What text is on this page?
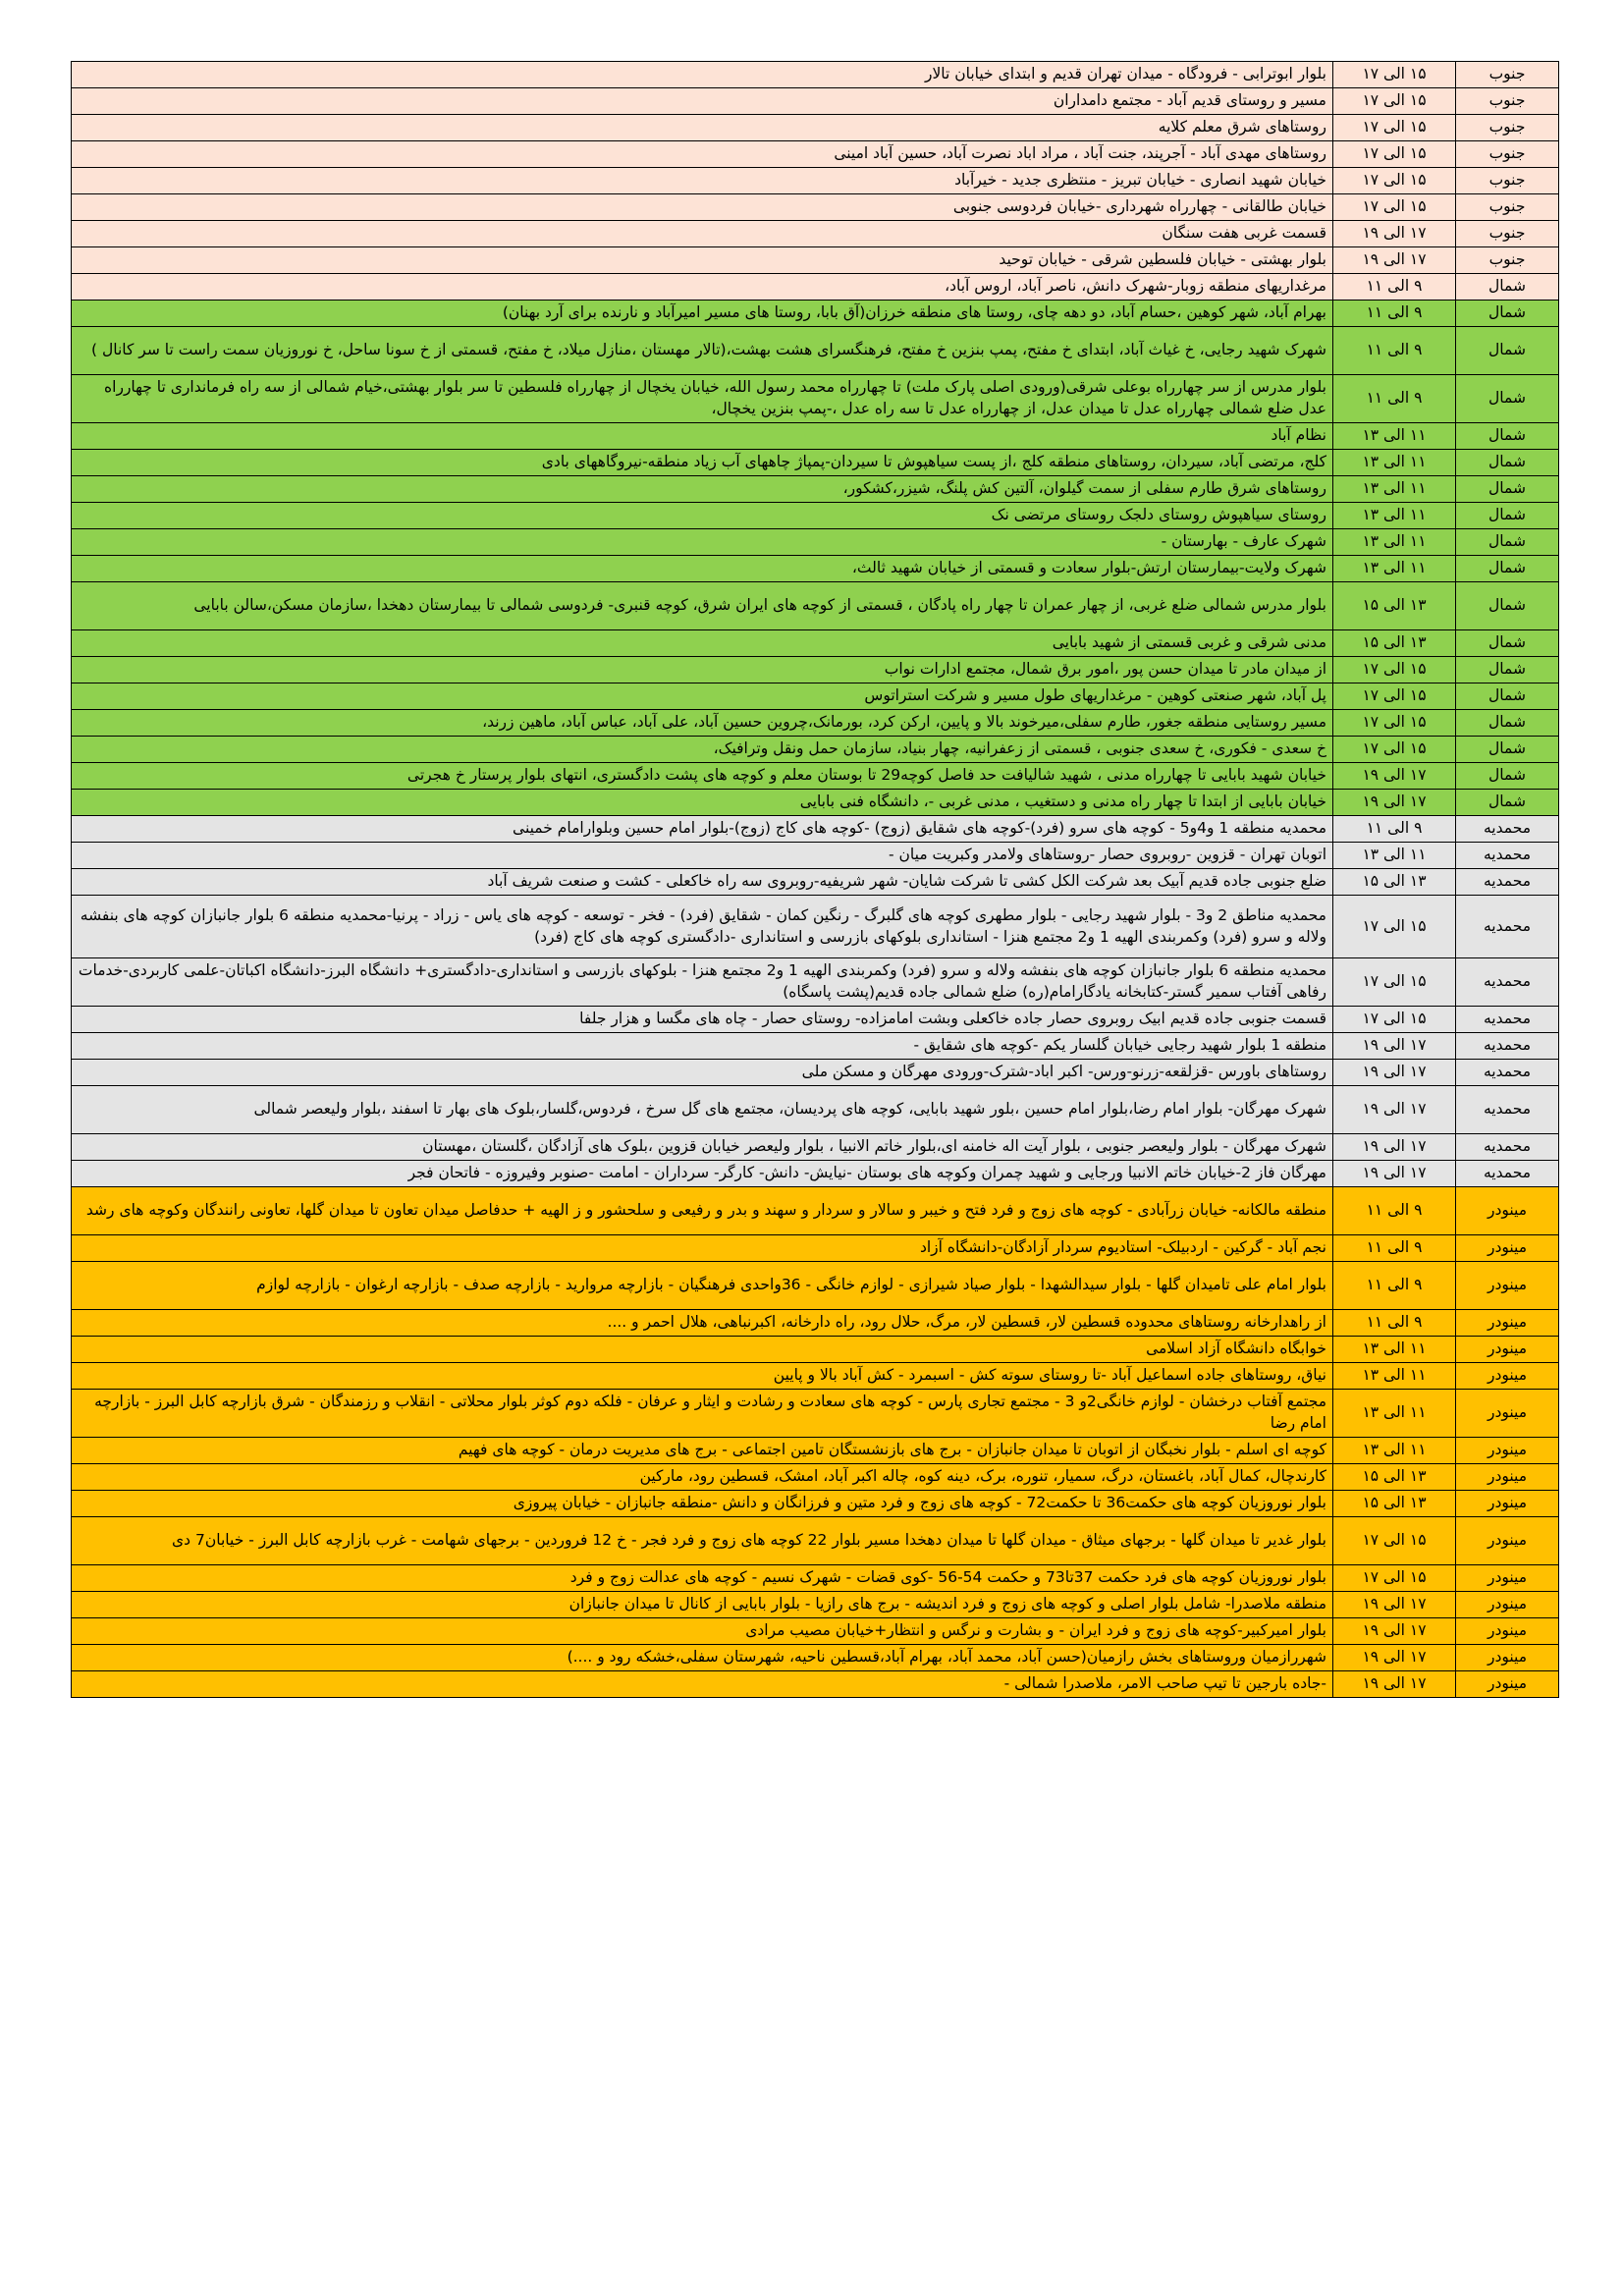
جنوب	۱۵ الی ۱۷	بلوار ابوترابی - فرودگاه - میدان تهران قدیم و ابتدای خیابان تالار
جنوب	۱۵ الی ۱۷	مسیر و روستای قدیم آباد - مجتمع دامداران
جنوب	۱۵ الی ۱۷	روستاهای شرق معلم کلایه
جنوب	۱۵ الی ۱۷	روستاهای مهدی آباد - آجرپند، جنت آباد ، مراد اباد نصرت آباد، حسین آباد امینی
جنوب	۱۵ الی ۱۷	خیابان شهید انصاری - خیابان تبریز - منتظری جدید - خیرآباد
جنوب	۱۵ الی ۱۷	خیابان طالقانی - چهارراه شهرداری -خیابان فردوسی جنوبی
جنوب	۱۷ الی ۱۹	قسمت غربی هفت سنگان
جنوب	۱۷ الی ۱۹	بلوار بهشتی - خیابان فلسطین شرقی - خیابان توحید
شمال	۹ الی ۱۱	مرغداریهای منطقه زوبار-شهرک دانش، ناصر آباد، اروس آباد،
شمال	۹ الی ۱۱	بهرام آباد، شهر کوهین ،حسام آباد، دو دهه چای، روستا های منطقه خرزان(آق بابا، روستا های مسیر امیرآباد و نارنده برای آرد بهنان)
شمال	۹ الی ۱۱	شهرک شهید رجایی، خ غیاث آباد، ابتدای خ مفتح، پمپ بنزین خ مفتح، فرهنگسرای هشت بهشت،(تالار مهستان ،منازل میلاد، خ مفتح، قسمتی از خ سونا ساحل، خ نوروزیان سمت راست تا سر کانال )
شمال	۹ الی ۱۱	بلوار مدرس از سر چهارراه بوعلی شرقی(ورودی اصلی پارک ملت) تا چهارراه محمد رسول الله، خیابان یخچال از چهارراه فلسطین تا سر بلوار بهشتی،خیام شمالی از سه راه فرمانداری تا چهارراه عدل ضلع شمالی چهارراه عدل تا میدان عدل، از چهارراه عدل تا سه راه عدل ،-پمپ بنزین یخچال،
شمال	۱۱ الی ۱۳	نظام آباد
شمال	۱۱ الی ۱۳	کلج، مرتضی آباد، سیردان، روستاهای منطقه کلج ،از پست سیاهپوش تا سیردان-پمپاژ چاههای آب زیاد منطقه-نیروگاههای بادی
شمال	۱۱ الی ۱۳	روستاهای شرق طارم سفلی از سمت گیلوان، آلتین کش پلنگ، شیزر،کشکور،
شمال	۱۱ الی ۱۳	روستای سیاهپوش روستای دلجک روستای مرتضی نک
شمال	۱۱ الی ۱۳	شهرک عارف - بهارستان -
شمال	۱۱ الی ۱۳	شهرک ولایت-بیمارستان ارتش-بلوار سعادت و قسمتی از خیابان شهید ثالث،
شمال	۱۳ الی ۱۵	بلوار مدرس شمالی ضلع غربی، از چهار عمران تا چهار راه پادگان ، قسمتی از کوچه های ایران شرق، کوچه قنبری- فردوسی شمالی تا بیمارستان دهخدا ،سازمان مسکن،سالن بابایی
شمال	۱۳ الی ۱۵	مدنی شرقی و غربی قسمتی از شهید بابایی
شمال	۱۵ الی ۱۷	از میدان مادر تا میدان حسن پور ،امور برق شمال، مجتمع ادارات نواب
شمال	۱۵ الی ۱۷	پل آباد، شهر صنعتی کوهین - مرغداریهای طول مسیر و شرکت استراتوس
شمال	۱۵ الی ۱۷	مسیر روستایی منطقه جغور، طارم سفلی،میرخوند بالا و پایین، ارکن کرد، بورمانک،چروین حسین آباد، علی آباد، عباس آباد، ماهین زرند،
شمال	۱۵ الی ۱۷	خ سعدی - فکوری، خ سعدی جنوبی ، قسمتی از زعفرانیه، چهار بنیاد، سازمان حمل ونقل وترافیک،
شمال	۱۷ الی ۱۹	خیابان شهید بابایی تا چهارراه مدنی ، شهید شالیافت حد فاصل کوچه29 تا بوستان معلم و کوچه های پشت دادگستری، انتهای بلوار پرستار خ هجرتی
شمال	۱۷ الی ۱۹	خیابان بابایی از ابتدا تا چهار راه مدنی و دستغیب ، مدنی غربی -، دانشگاه فنی بابایی
محمدیه	۹ الی ۱۱	محمدیه منطقه 1 و4و5 - کوچه های سرو (فرد)-کوچه های شقایق (زوج) -کوچه های کاج (زوج)-بلوار امام حسین وبلوارامام خمینی
محمدیه	۱۱ الی ۱۳	اتوبان تهران - قزوین -روبروی حصار -روستاهای ولامدر وکبریت میان -
محمدیه	۱۳ الی ۱۵	ضلع جنوبی جاده قدیم آبیک بعد شرکت الکل کشی تا شرکت شایان- شهر شریفیه-روبروی سه راه خاکعلی - کشت و صنعت شریف آباد
محمدیه	۱۵ الی ۱۷	محمدیه مناطق 2 و3 - بلوار شهید رجایی - بلوار مطهری کوچه های گلبرگ - رنگین کمان - شقایق (فرد) - فخر - توسعه - کوچه های یاس - زراد - پرنیا-محمدیه منطقه 6 بلوار جانبازان کوچه های بنفشه ولاله و سرو (فرد) وکمربندی الهیه 1 و2 مجتمع هنزا - استانداری بلوکهای بازرسی و استانداری -دادگستری کوچه های کاج (فرد)
محمدیه	۱۵ الی ۱۷	محمدیه منطقه 6 بلوار جانبازان کوچه های بنفشه ولاله و سرو (فرد) وکمربندی الهیه 1 و2 مجتمع هنزا - بلوکهای بازرسی و استانداری-دادگستری+ دانشگاه البرز-دانشگاه اکباتان-علمی کاربردی-خدمات رفاهی آفتاب سمیر گستر-کتابخانه یادگارامام(ره) ضلع شمالی جاده قدیم(پشت پاسگاه)
محمدیه	۱۵ الی ۱۷	قسمت جنوبی جاده قدیم ابیک روبروی حصار جاده خاکعلی وبشت امامزاده- روستای حصار - چاه های مگسا و هزار جلفا
محمدیه	۱۷ الی ۱۹	منطقه 1 بلوار شهید رجایی خیابان گلسار یکم -کوچه های شقایق -
محمدیه	۱۷ الی ۱۹	روستاهای باورس -قزلقعه-زرنو-ورس- اکبر اباد-شترک-ورودی مهرگان و مسکن ملی
محمدیه	۱۷ الی ۱۹	شهرک مهرگان- بلوار امام رضا،بلوار امام حسین ،بلور شهید بابایی، کوچه های پردیسان، مجتمع های گل سرخ ، فردوس،گلسار،بلوک های بهار تا اسفند ،بلوار ولیعصر شمالی
محمدیه	۱۷ الی ۱۹	شهرک مهرگان - بلوار ولیعصر جنوبی ، بلوار آیت اله خامنه ای،بلوار خاتم الانبیا ، بلوار ولیعصر خیابان قزوین ،بلوک های آزادگان ،گلستان ،مهستان
محمدیه	۱۷ الی ۱۹	مهرگان فاز 2-خیابان خاتم الانبیا ورجایی و شهید چمران وکوچه های بوستان -نیایش- دانش- کارگر- سرداران - امامت -صنوبر وفیروزه - فاتحان فجر
مینودر	۹ الی ۱۱	منطقه مالکانه- خیابان زرآبادی - کوچه های زوج و فرد فتح و خیبر و سالار و سردار و سهند و بدر و رفیعی و سلحشور و ز الهیه + حدفاصل میدان تعاون تا میدان گلها، تعاونی رانندگان وکوچه های رشد
مینودر	۹ الی ۱۱	نجم آباد - گرکین - اردبیلک- استادیوم سردار آزادگان-دانشگاه آزاد
مینودر	۹ الی ۱۱	بلوار امام علی تامیدان گلها - بلوار سیدالشهدا - بلوار صیاد شیرازی - لوازم خانگی - 36واحدی فرهنگیان - بازارچه مروارید - بازارچه صدف - بازارچه ارغوان - بازارچه لوازم
مینودر	۹ الی ۱۱	از راهدارخانه روستاهای محدوده قسطین لار، قسطین لار، مرگ، حلال رود، راه دارخانه، اکبرنباهی، هلال احمر و ....
مینودر	۱۱ الی ۱۳	خوابگاه دانشگاه آزاد اسلامی
مینودر	۱۱ الی ۱۳	نیاق، روستاهای جاده اسماعیل آباد -تا روستای سوته کش - اسبمرد - کش آباد بالا و پایین
مینودر	۱۱ الی ۱۳	مجتمع آفتاب درخشان - لوازم خانگی2و 3 - مجتمع تجاری پارس - کوچه های سعادت و رشادت و ایثار و عرفان - فلکه دوم کوثر بلوار محلاتی - انقلاب و رزمندگان - شرق بازارچه کابل البرز - بازارچه امام رضا
مینودر	۱۱ الی ۱۳	کوچه ای اسلم - بلوار نخبگان از اتوبان تا میدان جانبازان - برج های بازنشستگان تامین اجتماعی - برج های مدیریت درمان - کوچه های فهیم
مینودر	۱۳ الی ۱۵	کارندچال، کمال آباد، باغستان، درگ، سمیار، تنوره، برک، دینه کوه، چاله اکبر آباد، امشک، قسطین رود، مارکین
مینودر	۱۳ الی ۱۵	بلوار نوروزیان کوچه های حکمت36 تا حکمت72 - کوچه های زوج و فرد متین و فرزانگان و دانش -منطقه جانبازان - خیابان پیروزی
مینودر	۱۵ الی ۱۷	بلوار غدیر تا میدان گلها - برجهای میثاق - میدان گلها تا میدان دهخدا مسیر بلوار 22 کوچه های زوج و فرد فجر - خ 12 فروردین - برجهای شهامت - غرب بازارچه کابل البرز - خیابان7 دی
مینودر	۱۵ الی ۱۷	بلوار نوروزیان کوچه های فرد حکمت 37تا73 و حکمت 54-56 -کوی قضات - شهرک نسیم - کوچه های عدالت زوج و فرد
مینودر	۱۷ الی ۱۹	منطقه ملاصدرا- شامل بلوار اصلی و کوچه های زوج و فرد اندیشه - برج های رازیا - بلوار بابایی از کانال تا میدان جانبازان
مینودر	۱۷ الی ۱۹	بلوار امیرکبیر-کوچه های زوج و فرد ایران - و بشارت و نرگس و انتظار+خیابان مصیب مرادی
مینودر	۱۷ الی ۱۹	شهررازمیان وروستاهای بخش رازمیان(حسن آباد، محمد آباد، بهرام آباد،قسطین ناحیه، شهرستان سفلی،خشکه رود و ....)
مینودر	۱۷ الی ۱۹	-جاده بارجین تا تیپ صاحب الامر، ملاصدرا شمالی -
